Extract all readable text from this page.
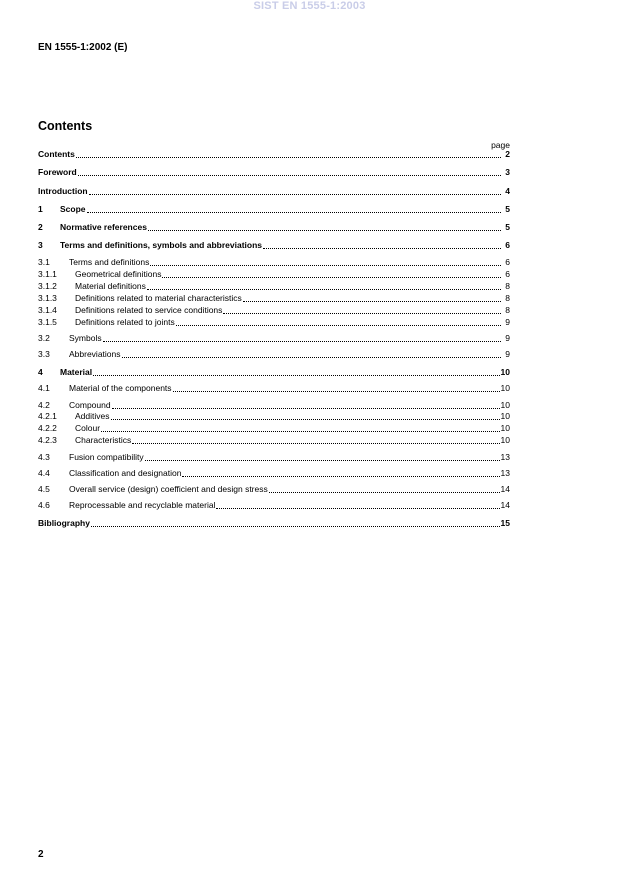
SIST EN 1555-1:2003
EN 1555-1:2002 (E)
Contents
page
Contents	2
Foreword	3
Introduction	4
1	Scope	5
2	Normative references	5
3	Terms and definitions, symbols and abbreviations	6
3.1	Terms and definitions	6
3.1.1	Geometrical definitions	6
3.1.2	Material definitions	8
3.1.3	Definitions related to material characteristics	8
3.1.4	Definitions related to service conditions	8
3.1.5	Definitions related to joints	9
3.2	Symbols	9
3.3	Abbreviations	9
4	Material	10
4.1	Material of the components	10
4.2	Compound	10
4.2.1	Additives	10
4.2.2	Colour	10
4.2.3	Characteristics	10
4.3	Fusion compatibility	13
4.4	Classification and designation	13
4.5	Overall service (design) coefficient and design stress	14
4.6	Reprocessable and recyclable material	14
Bibliography	15
2
